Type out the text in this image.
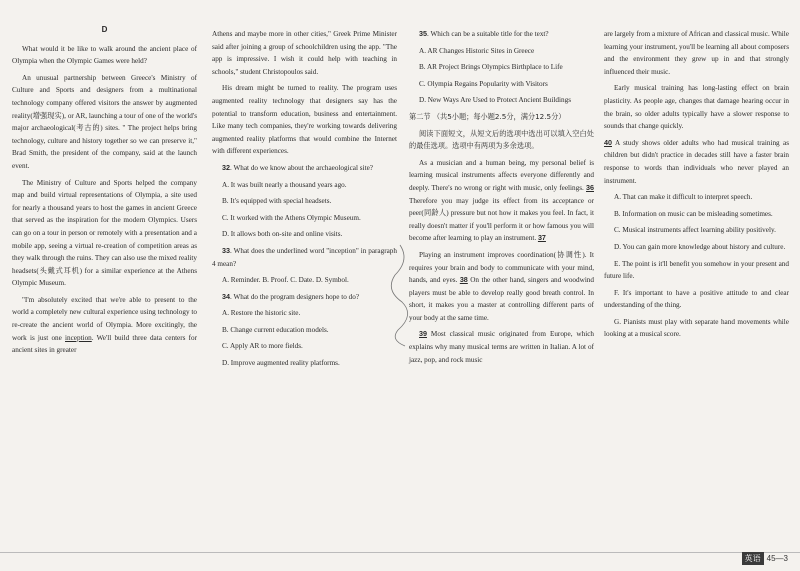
D

What would it be like to walk around the ancient place of Olympia when the Olympic Games were held?

An unusual partnership between Greece's Ministry of Culture and Sports and designers from a multinational technology company offered visitors the answer by augmented reality(增强现实), or AR, launching a tour of one of the world's major archaeological(考古的) sites. " The project helps bring technology, culture and history together so we can preserve it," Brad Smith, the president of the company, said at the launch event.

The Ministry of Culture and Sports helped the company map and build virtual representations of Olympia, a site used for nearly a thousand years to host the games in ancient Greece that served as the inspiration for the modern Olympics. Users can go on a tour in person or remotely with a presentation and a mobile app, seeing a virtual re-creation of competition areas as they walk through the ruins. They can also use the mixed reality headsets(头戴式耳机) for a similar experience at the Athens Olympic Museum.

"I'm absolutely excited that we're able to present to the world a completely new cultural experience using technology to re-create the ancient world of Olympia. More excitingly, the work is just one inception. We'll build three data centers for ancient sites in greater

Athens and maybe more in other cities," Greek Prime Minister said after joining a group of schoolchildren using the app. "The app is impressive. I wish it could help with teaching in schools," student Christopoulos said.

His dream might be turned to reality. The program uses augmented reality technology that designers say has the potential to transform education, business and entertainment. Like many tech companies, they're working towards delivering augmented reality platforms that would combine the Internet with different experiences.

32. What do we know about the archaeological site?

A. It was built nearly a thousand years ago.

B. It's equipped with special headsets.

C. It worked with the Athens Olympic Museum.

D. It allows both on-site and online visits.

33. What does the underlined word "inception" in paragraph 4 mean?

A. Reminder. B. Proof. C. Date. D. Symbol.

34. What do the program designers hope to do?

A. Restore the historic site.

B. Change current education models.

C. Apply AR to more fields.

D. Improve augmented reality platforms.

35. Which can be a suitable title for the text?

A. AR Changes Historic Sites in Greece

B. AR Project Brings Olympics Birthplace to Life

C. Olympia Regains Popularity with Visitors

D. New Ways Are Used to Protect Ancient Buildings

第二节 （共5小题；每小题2.5分，满分12.5分）

阅读下面短文，从短文后的选项中选出可以填入空白处的最佳选项。选项中有两项为多余选项。

As a musician and a human being, my personal belief is learning musical instruments affects everyone differently and deeply. There's no wrong or right with music, only feelings. 36 Therefore you may judge its effect from its acceptance or peer(同龄人) pressure but not how it makes you feel. In fact, it really doesn't matter if you'll perform it or how famous you will become after learning to play an instrument. 37

Playing an instrument improves coordination(协调性). It requires your brain and body to communicate with your mind, hands, and eyes. 38 On the other hand, singers and woodwind players must be able to develop really good breath control. In short, it makes you a master at controlling different parts of your body at the same time.

39 Most classical music originated from Europe, which explains why many musical terms are written in Italian. A lot of jazz, pop, and rock music

are largely from a mixture of African and classical music. While learning your instrument, you'll be learning all about composers and the environment they grew up in and that strongly influenced their music.

Early musical training has long-lasting effect on brain plasticity. As people age, changes that damage hearing occur in the brain, so older adults typically have a slower response to sounds that change quickly.

40 A study shows older adults who had musical training as children but didn't practice in decades still have a faster brain response to words than individuals who never played an instrument.

A. That can make it difficult to interpret speech.

B. Information on music can be misleading sometimes.

C. Musical instruments affect learning ability positively.

D. You can gain more knowledge about history and culture.

E. The point is it'll benefit you somehow in your present and future life.

F. It's important to have a positive attitude to and clear understanding of the thing.

G. Pianists must play with separate hand movements while looking at a musical score.

英语 45—3
